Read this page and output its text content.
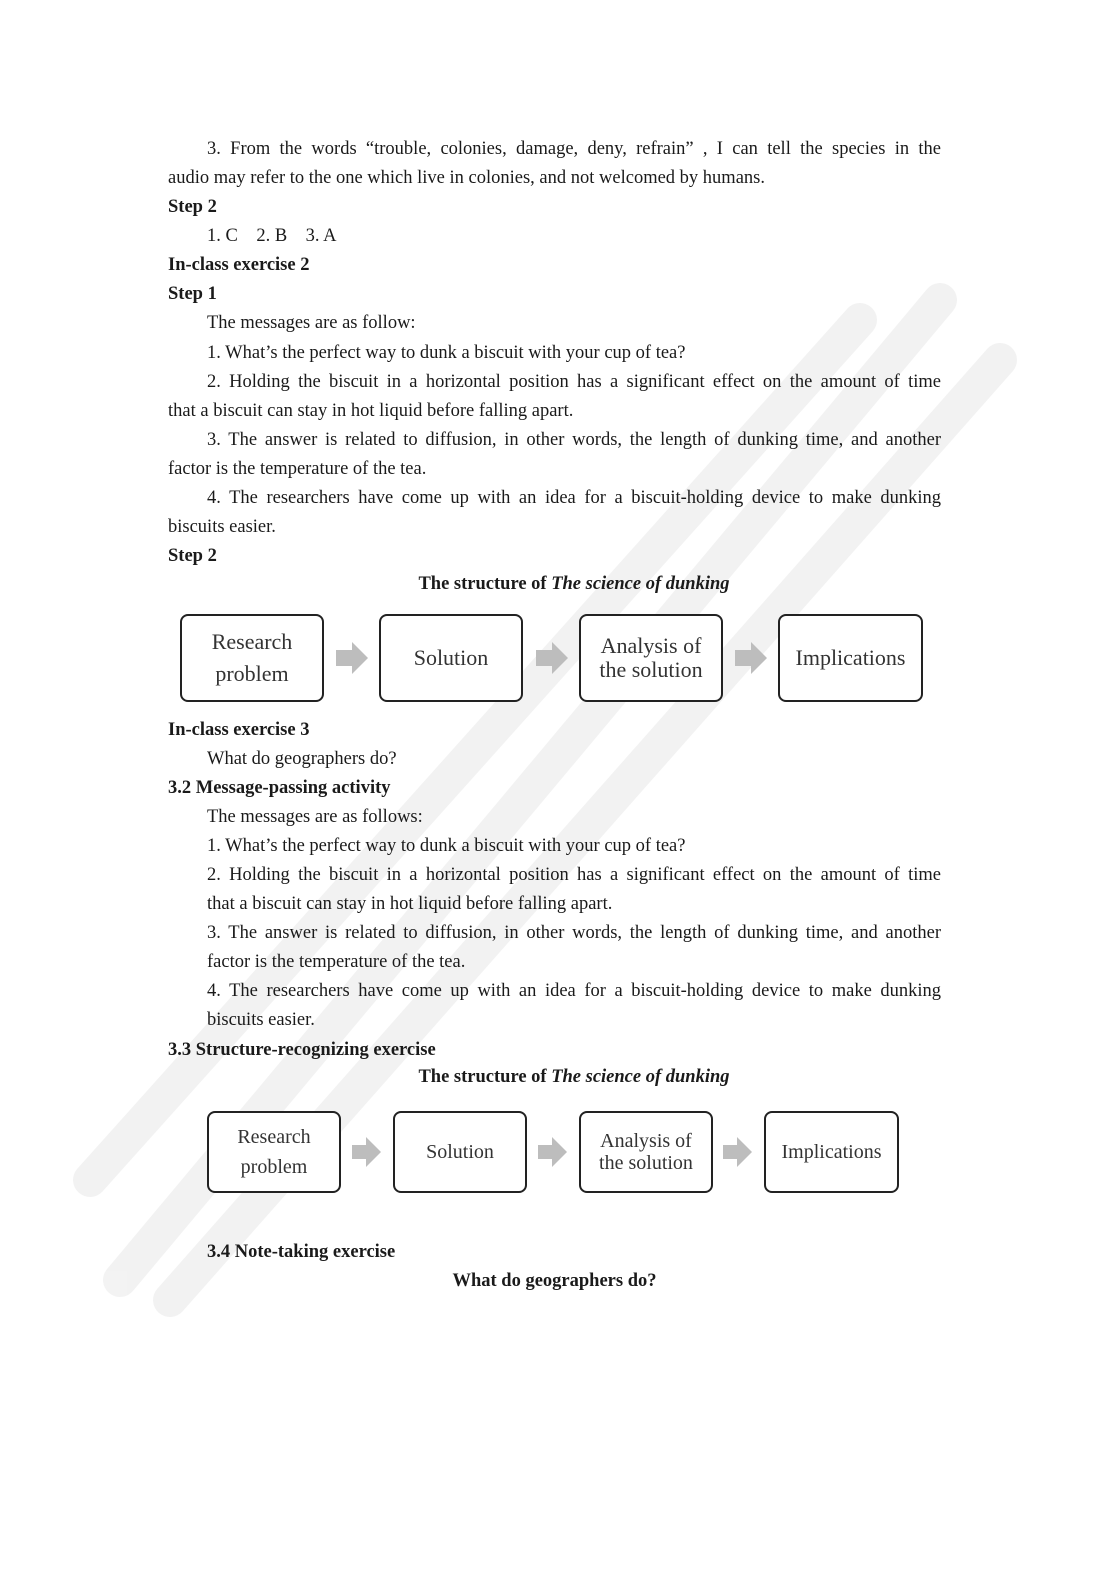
3. From the words “trouble, colonies, damage, deny, refrain” , I can tell the species in the
audio may refer to the one which live in colonies, and not welcomed by humans.
Step 2
1. C    2. B    3. A
In-class exercise 2
Step 1
The messages are as follow:
1. What’s the perfect way to dunk a biscuit with your cup of tea?
2. Holding the biscuit in a horizontal position has a significant effect on the amount of time
that a biscuit can stay in hot liquid before falling apart.
3. The answer is related to diffusion, in other words, the length of dunking time, and another
factor is the temperature of the tea.
4. The researchers have come up with an idea for a biscuit-holding device to make dunking
biscuits easier.
Step 2
The structure of The science of dunking
Research
problem
Solution	Analysis of
the solution	Implications
In-class exercise 3
What do geographers do?
3.2 Message-passing activity
The messages are as follows:
1. What’s the perfect way to dunk a biscuit with your cup of tea?
2. Holding the biscuit in a horizontal position has a significant effect on the amount of time
that a biscuit can stay in hot liquid before falling apart.
3. The answer is related to diffusion, in other words, the length of dunking time, and another
factor is the temperature of the tea.
4. The researchers have come up with an idea for a biscuit-holding device to make dunking
biscuits easier.
3.3 Structure-recognizing exercise
The structure of The science of dunking
Research
problem
Solution	Analysis of
the solution	Implications
3.4 Note-taking exercise
What do geographers do?
